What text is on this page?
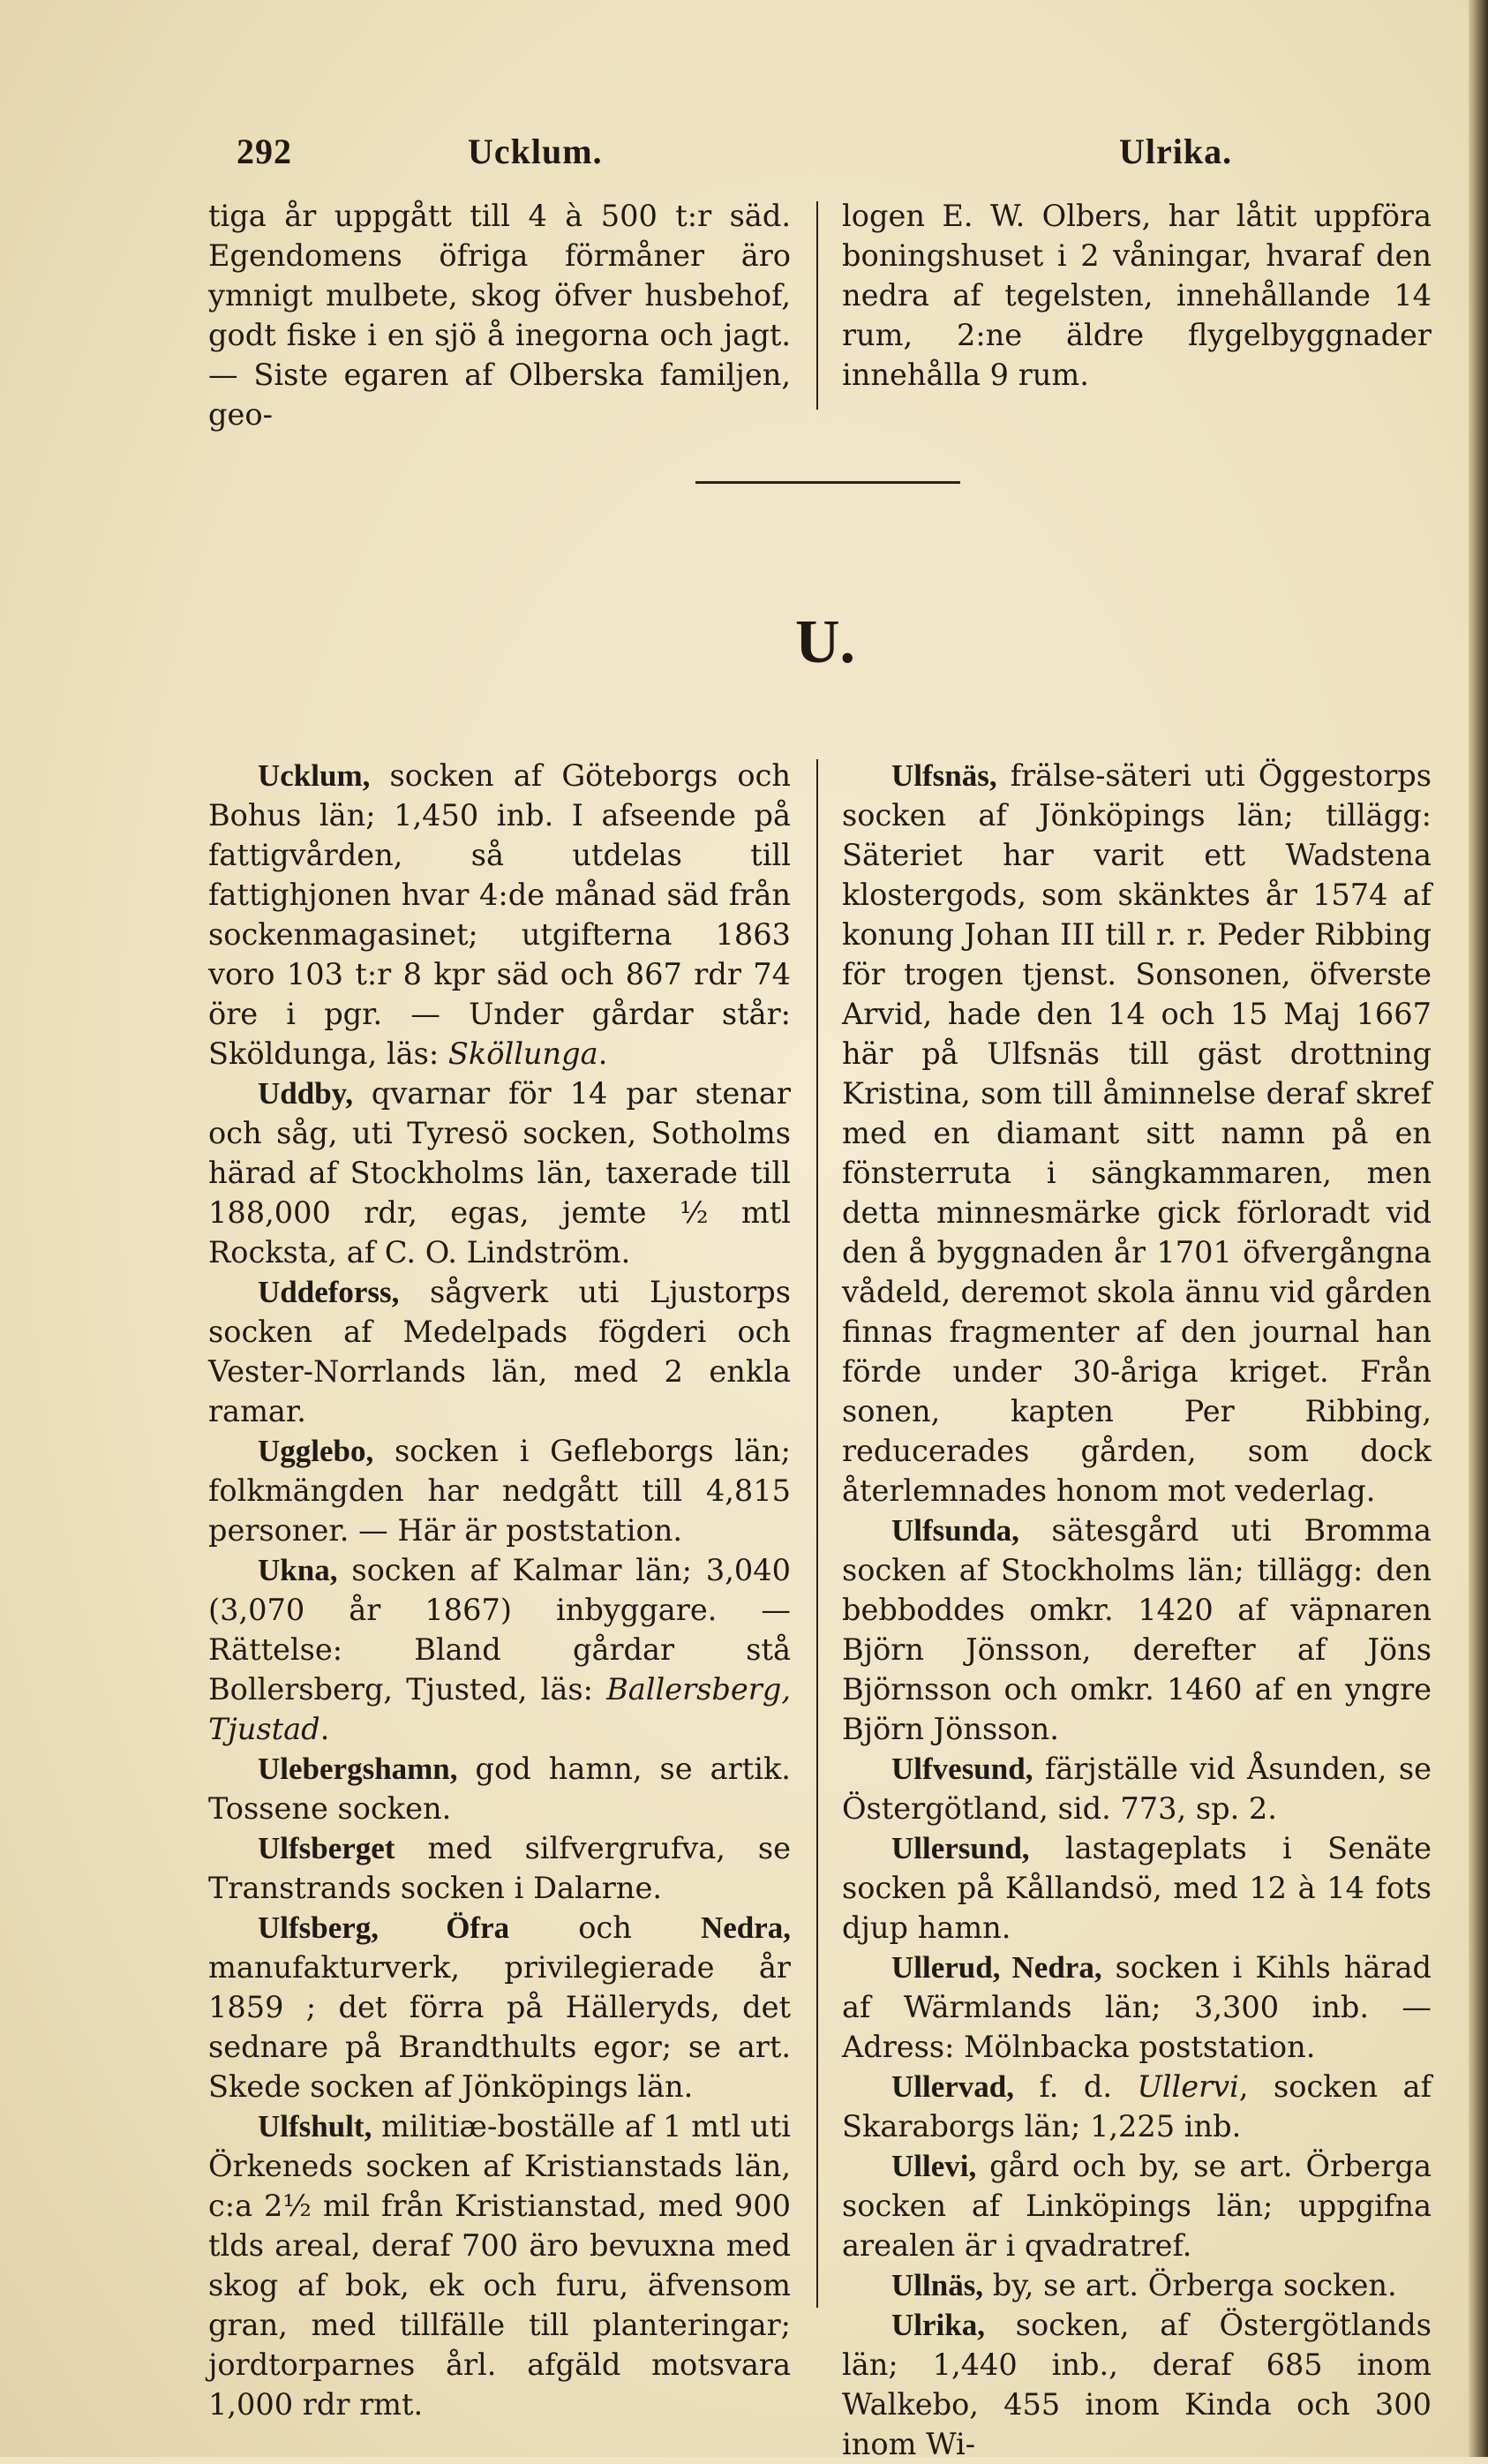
292	Ucklum.	Ulrika.

tiga år uppgått till 4 à 500 t:r säd. Egendomens öfriga förmåner äro ymnigt mulbete, skog öfver husbehof, godt fiske i en sjö å inegorna och jagt. — Siste egaren af Olberska familjen, geo-

logen E. W. Olbers, har låtit uppföra boningshuset i 2 våningar, hvaraf den nedra af tegelsten, innehållande 14 rum, 2:ne äldre flygelbyggnader innehålla 9 rum.

U.

Ucklum, socken af Göteborgs och Bohus län; 1,450 inb. I afseende på fattigvården, så utdelas till fattighjonen hvar 4:de månad säd från sockenmagasinet; utgifterna 1863 voro 103 t:r 8 kpr säd och 867 rdr 74 öre i pgr. — Under gårdar står: Sköldunga, läs: Sköllunga.

Uddby, qvarnar för 14 par stenar och såg, uti Tyresö socken, Sotholms härad af Stockholms län, taxerade till 188,000 rdr, egas, jemte ½ mtl Rocksta, af C. O. Lindström.

Uddeforss, sågverk uti Ljustorps socken af Medelpads fögderi och Vester-Norrlands län, med 2 enkla ramar.

Ugglebo, socken i Gefleborgs län; folkmängden har nedgått till 4,815 personer. — Här är poststation.

Ukna, socken af Kalmar län; 3,040 (3,070 år 1867) inbyggare. — Rättelse: Bland gårdar stå Bollersberg, Tjusted, läs: Ballersberg, Tjustad.

Ulebergshamn, god hamn, se artik. Tossene socken.

Ulfsberget med silfvergrufva, se Transtrands socken i Dalarne.

Ulfsberg, Öfra och Nedra, manufakturverk, privilegierade år 1859 ; det förra på Hälleryds, det sednare på Brandthults egor; se art. Skede socken af Jönköpings län.

Ulfshult, militiæ-boställe af 1 mtl uti Örkeneds socken af Kristianstads län, c:a 2½ mil från Kristianstad, med 900 tlds areal, deraf 700 äro bevuxna med skog af bok, ek och furu, äfvensom gran, med tillfälle till planteringar; jordtorparnes årl. afgäld motsvara 1,000 rdr rmt.

Ulfsnäs, frälse-säteri uti Öggestorps socken af Jönköpings län; tillägg: Säteriet har varit ett Wadstena klostergods, som skänktes år 1574 af konung Johan III till r. r. Peder Ribbing för trogen tjenst. Sonsonen, öfverste Arvid, hade den 14 och 15 Maj 1667 här på Ulfsnäs till gäst drottning Kristina, som till åminnelse deraf skref med en diamant sitt namn på en fönsterruta i sängkammaren, men detta minnesmärke gick förloradt vid den å byggnaden år 1701 öfvergångna vådeld, deremot skola ännu vid gården finnas fragmenter af den journal han förde under 30-åriga kriget. Från sonen, kapten Per Ribbing, reducerades gården, som dock återlemnades honom mot vederlag.

Ulfsunda, sätesgård uti Bromma socken af Stockholms län; tillägg: den bebboddes omkr. 1420 af väpnaren Björn Jönsson, derefter af Jöns Björnsson och omkr. 1460 af en yngre Björn Jönsson.

Ulfvesund, färjställe vid Åsunden, se Östergötland, sid. 773, sp. 2.

Ullersund, lastageplats i Senäte socken på Kållandsö, med 12 à 14 fots djup hamn.

Ullerud, Nedra, socken i Kihls härad af Wärmlands län; 3,300 inb. — Adress: Mölnbacka poststation.

Ullervad, f. d. Ullervi, socken af Skaraborgs län; 1,225 inb.

Ullevi, gård och by, se art. Örberga socken af Linköpings län; uppgifna arealen är i qvadratref.

Ullnäs, by, se art. Örberga socken.

Ulrika, socken, af Östergötlands län; 1,440 inb., deraf 685 inom Walkebo, 455 inom Kinda och 300 inom Wi-
